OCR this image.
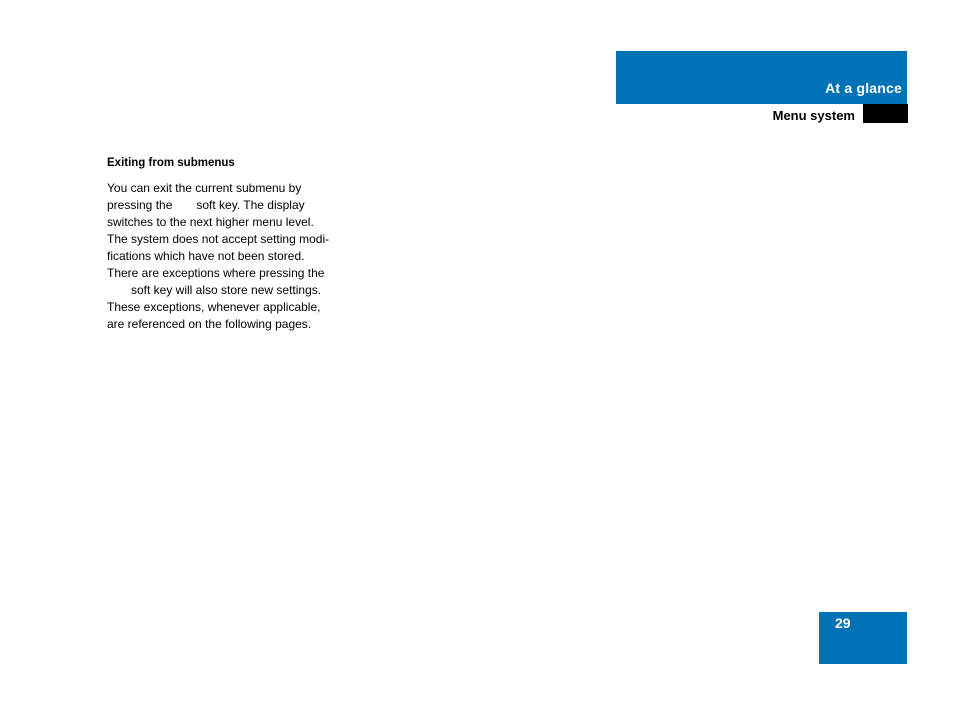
At a glance
Menu system
Exiting from submenus

You can exit the current submenu by

pressing the soft key. The display

switches to the next higher menu level.

The system does not accept setting modi-

fications which have not been stored.

There are exceptions where pressing the

soft key will also store new settings.

These exceptions, whenever applicable,

are referenced on the following pages.

29
